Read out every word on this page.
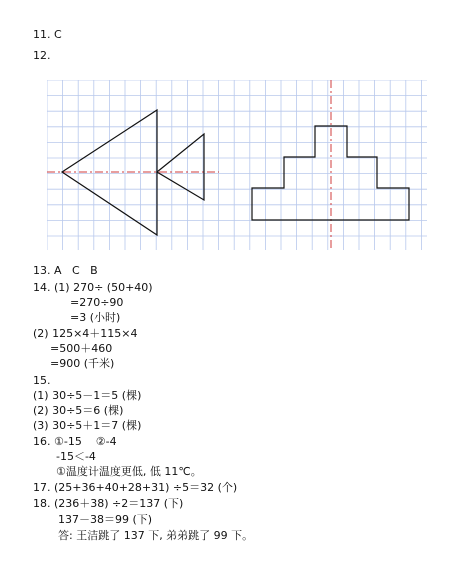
11. C
12.
13. A   C   B
14. (1) 270÷ (50+40)
=270÷90
=3 (小时)
(2) 125×4＋115×4
=500＋460
=900 (千米)
15.
(1) 30÷5－1＝5 (棵)
(2) 30÷5＝6 (棵)
(3) 30÷5＋1＝7 (棵)
16. ①-15    ②-4
-15＜-4
①温度计温度更低, 低 11℃。
17. (25+36+40+28+31) ÷5＝32 (个)
18. (236＋38) ÷2＝137 (下)
137－38＝99 (下)
答: 王洁跳了 137 下, 弟弟跳了 99 下。
